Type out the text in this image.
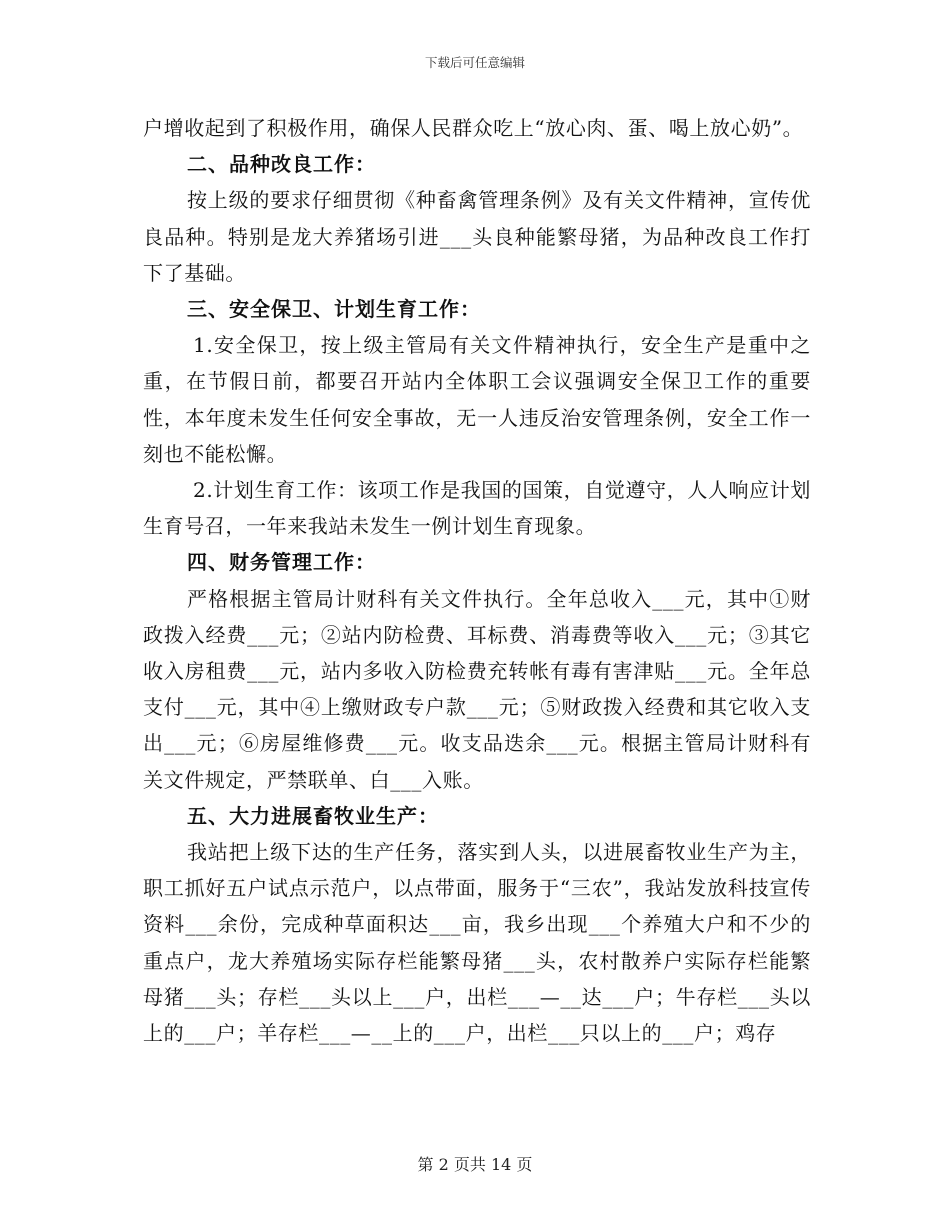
下载后可任意编辑

户增收起到了积极作用，确保人民群众吃上“放心肉、蛋、喝上放心奶”。

二、品种改良工作：

按上级的要求仔细贯彻《种畜禽管理条例》及有关文件精神，宣传优良品种。特别是龙大养猪场引进___头良种能繁母猪，为品种改良工作打下了基础。

三、安全保卫、计划生育工作：

1.安全保卫，按上级主管局有关文件精神执行，安全生产是重中之重，在节假日前，都要召开站内全体职工会议强调安全保卫工作的重要性，本年度未发生任何安全事故，无一人违反治安管理条例，安全工作一刻也不能松懈。

2.计划生育工作：该项工作是我国的国策，自觉遵守，人人响应计划生育号召，一年来我站未发生一例计划生育现象。

四、财务管理工作：

严格根据主管局计财科有关文件执行。全年总收入___元，其中①财政拨入经费___元；②站内防检费、耳标费、消毒费等收入___元；③其它收入房租费___元，站内多收入防检费充转帐有毒有害津贴___元。全年总支付___元，其中④上缴财政专户款___元；⑤财政拨入经费和其它收入支出___元；⑥房屋维修费___元。收支品迭余___元。根据主管局计财科有关文件规定，严禁联单、白___入账。

五、大力进展畜牧业生产：

我站把上级下达的生产任务，落实到人头，以进展畜牧业生产为主，职工抓好五户试点示范户，以点带面，服务于“三农”，我站发放科技宣传资料___余份，完成种草面积达___亩，我乡出现___个养殖大户和不少的重点户，龙大养殖场实际存栏能繁母猪___头，农村散养户实际存栏能繁母猪___头；存栏___头以上___户，出栏___—__达___户；牛存栏___头以上的___户；羊存栏___—__上的___户，出栏___只以上的___户；鸡存

第 2 页共 14 页
